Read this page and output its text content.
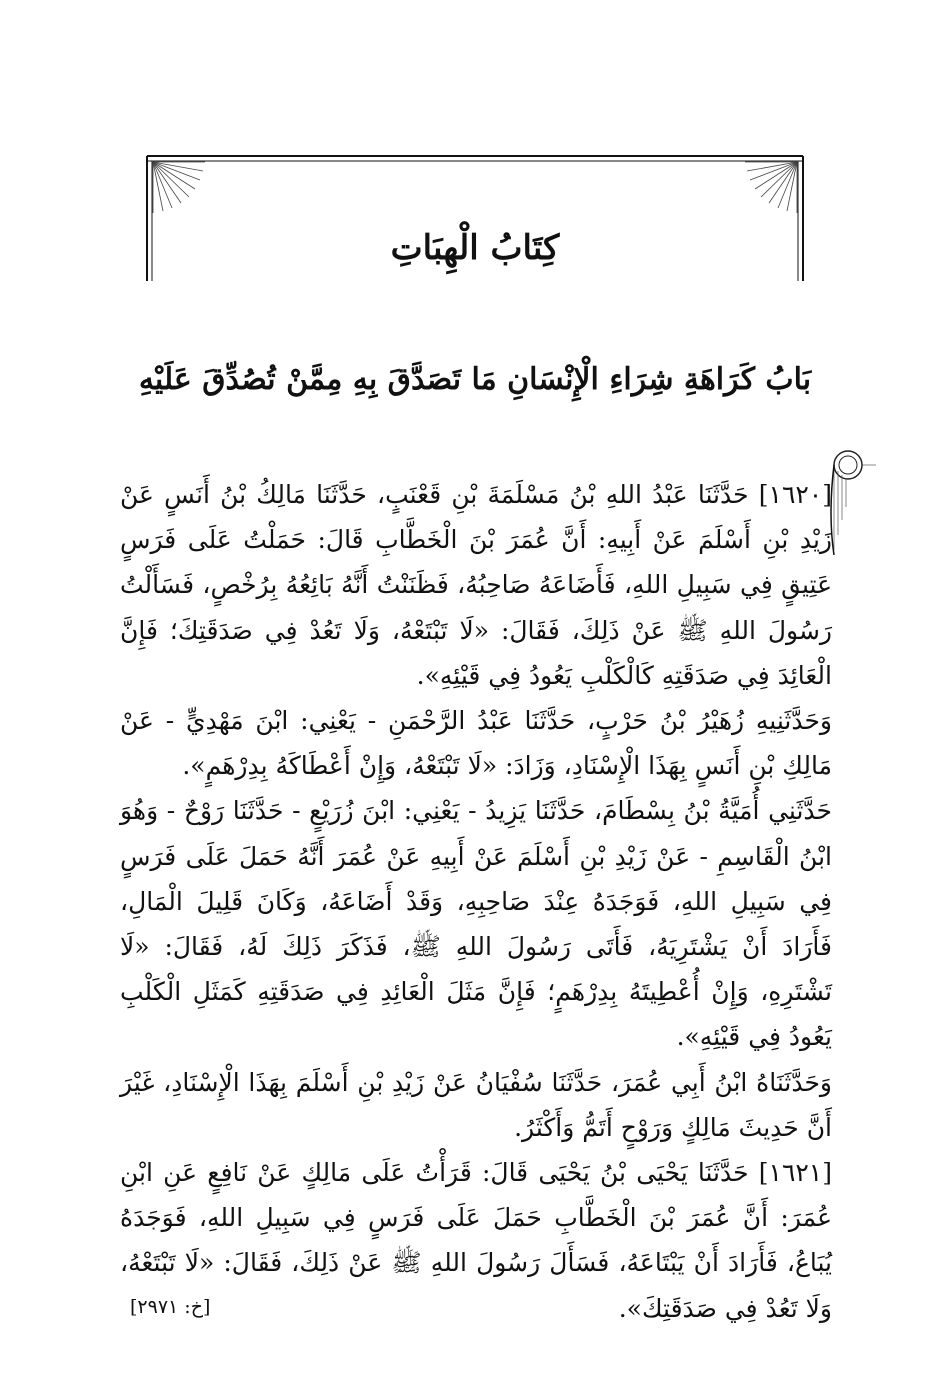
كِتَابُ الْهِبَاتِ
بَابُ كَرَاهَةِ شِرَاءِ الْإِنْسَانِ مَا تَصَدَّقَ بِهِ مِمَّنْ تُصُدِّقَ عَلَيْهِ

[١٦٢٠] حَدَّثَنَا عَبْدُ اللهِ بْنُ مَسْلَمَةَ بْنِ قَعْنَبٍ، حَدَّثَنَا مَالِكُ بْنُ أَنَسٍ عَنْ زَيْدِ بْنِ أَسْلَمَ عَنْ أَبِيهِ: أَنَّ عُمَرَ بْنَ الْخَطَّابِ قَالَ: حَمَلْتُ عَلَى فَرَسٍ عَتِيقٍ فِي سَبِيلِ اللهِ، فَأَضَاعَهُ صَاحِبُهُ، فَظَنَنْتُ أَنَّهُ بَائِعُهُ بِرُخْصٍ، فَسَأَلْتُ رَسُولَ اللهِ ﷺ عَنْ ذَلِكَ، فَقَالَ: «لَا تَبْتَعْهُ، وَلَا تَعُدْ فِي صَدَقَتِكَ؛ فَإِنَّ الْعَائِدَ فِي صَدَقَتِهِ كَالْكَلْبِ يَعُودُ فِي قَيْئِهِ».

وَحَدَّثَنِيهِ زُهَيْرُ بْنُ حَرْبٍ، حَدَّثَنَا عَبْدُ الرَّحْمَنِ - يَعْنِي: ابْنَ مَهْدِيٍّ - عَنْ مَالِكِ بْنِ أَنَسٍ بِهَذَا الْإِسْنَادِ، وَزَادَ: «لَا تَبْتَعْهُ، وَإِنْ أَعْطَاكَهُ بِدِرْهَمٍ».

حَدَّثَنِي أُمَيَّةُ بْنُ بِسْطَامَ، حَدَّثَنَا يَزِيدُ - يَعْنِي: ابْنَ زُرَيْعٍ - حَدَّثَنَا رَوْحٌ - وَهُوَ ابْنُ الْقَاسِمِ - عَنْ زَيْدِ بْنِ أَسْلَمَ عَنْ أَبِيهِ عَنْ عُمَرَ أَنَّهُ حَمَلَ عَلَى فَرَسٍ فِي سَبِيلِ اللهِ، فَوَجَدَهُ عِنْدَ صَاحِبِهِ، وَقَدْ أَضَاعَهُ، وَكَانَ قَلِيلَ الْمَالِ، فَأَرَادَ أَنْ يَشْتَرِيَهُ، فَأَتَى رَسُولَ اللهِ ﷺ، فَذَكَرَ ذَلِكَ لَهُ، فَقَالَ: «لَا تَشْتَرِهِ، وَإِنْ أُعْطِيتَهُ بِدِرْهَمٍ؛ فَإِنَّ مَثَلَ الْعَائِدِ فِي صَدَقَتِهِ كَمَثَلِ الْكَلْبِ يَعُودُ فِي قَيْئِهِ».

وَحَدَّثَنَاهُ ابْنُ أَبِي عُمَرَ، حَدَّثَنَا سُفْيَانُ عَنْ زَيْدِ بْنِ أَسْلَمَ بِهَذَا الْإِسْنَادِ، غَيْرَ أَنَّ حَدِيثَ مَالِكٍ وَرَوْحٍ أَتَمُّ وَأَكْثَرُ.

[١٦٢١] حَدَّثَنَا يَحْيَى بْنُ يَحْيَى قَالَ: قَرَأْتُ عَلَى مَالِكٍ عَنْ نَافِعٍ عَنِ ابْنِ عُمَرَ: أَنَّ عُمَرَ بْنَ الْخَطَّابِ حَمَلَ عَلَى فَرَسٍ فِي سَبِيلِ اللهِ، فَوَجَدَهُ يُبَاعُ، فَأَرَادَ أَنْ يَبْتَاعَهُ، فَسَأَلَ رَسُولَ اللهِ ﷺ عَنْ ذَلِكَ، فَقَالَ: «لَا تَبْتَعْهُ، وَلَا تَعُدْ فِي صَدَقَتِكَ».

[خ: ٢٩٧١]
